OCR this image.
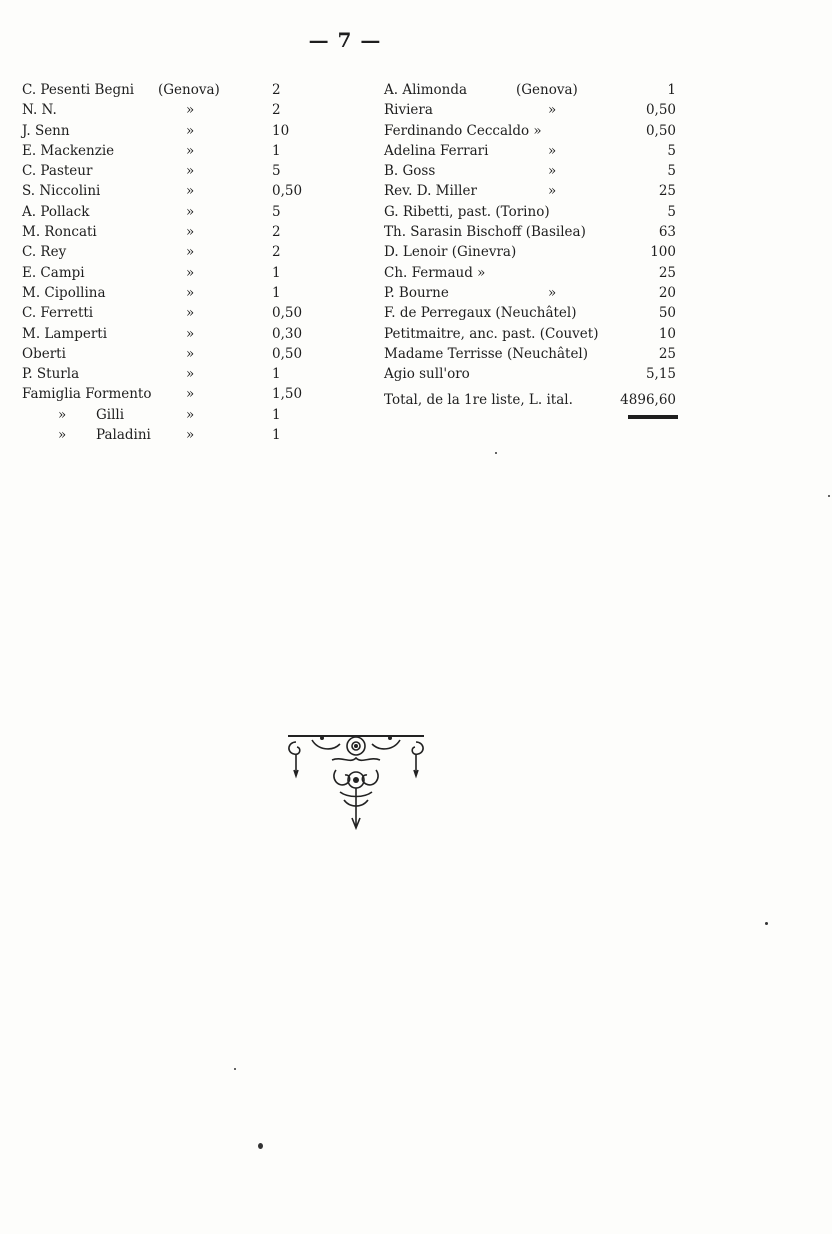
— 7 —
C. Pesenti Begni (Genova)	2
N. N.	»	2
J. Senn	»	10
E. Mackenzie	»	1
C. Pasteur	»	5
S. Niccolini	»	0,50
A. Pollack	»	5
M. Roncati	»	2
C. Rey	»	2
E. Campi	»	1
M. Cipollina	»	1
C. Ferretti	»	0,50
M. Lamperti	»	0,30
Oberti	»	0,50
P. Sturla	»	1
Famiglia Formento	»	1,50
» Gilli	»	1
» Paladini	»	1
A. Alimonda	(Genova)	1
Riviera	»	0,50
Ferdinando Ceccaldo »	0,50
Adelina Ferrari	»	5
B. Goss	»	5
Rev. D. Miller	»	25
G. Ribetti, past. (Torino)	5
Th. Sarasin Bischoff (Basilea)	63
D. Lenoir (Ginevra)	100
Ch. Fermaud »	25
P. Bourne	»	20
F. de Perregaux (Neuchâtel)	50
Petitmaitre, anc. past. (Couvet)	10
Madame Terrisse (Neuchâtel)	25
Agio sull'oro	5,15
Total, de la 1re liste, L. ital.	4896,60
